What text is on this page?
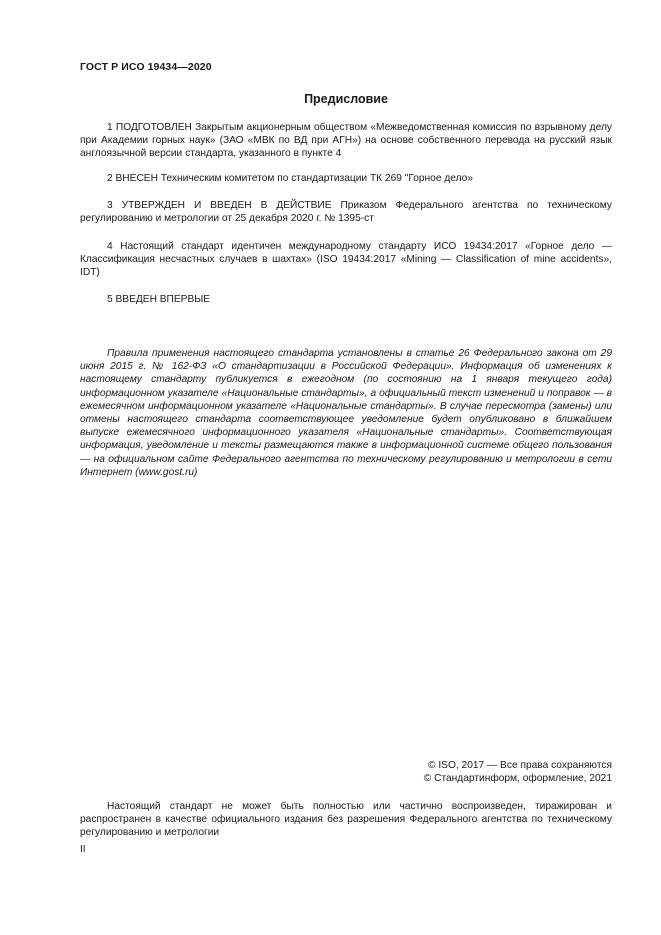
ГОСТ Р ИСО 19434—2020
Предисловие

1 ПОДГОТОВЛЕН Закрытым акционерным обществом «Межведомственная комиссия по взрывному делу при Академии горных наук» (ЗАО «МВК по ВД при АГН») на основе собственного перевода на русский язык англоязычной версии стандарта, указанного в пункте 4

2 ВНЕСЕН Техническим комитетом по стандартизации ТК 269 "Горное дело»

3 УТВЕРЖДЕН И ВВЕДЕН В ДЕЙСТВИЕ Приказом Федерального агентства по техническому регулированию и метрологии от 25 декабря 2020 г. № 1395-ст

4 Настоящий стандарт идентичен международному стандарту ИСО 19434:2017 «Горное дело — Классификация несчастных случаев в шахтах» (ISO 19434:2017 «Mining — Classification of mine accidents», IDT)

5 ВВЕДЕН ВПЕРВЫЕ

Правила применения настоящего стандарта установлены в статье 26 Федерального закона от 29 июня 2015 г. № 162-ФЗ «О стандартизации в Российской Федерации». Информация об изменениях к настоящему стандарту публикуется в ежегодном (по состоянию на 1 января текущего года) информационном указателе «Национальные стандарты», а официальный текст изменений и поправок — в ежемесячном информационном указателе «Национальные стандарты». В случае пересмотра (замены) или отмены настоящего стандарта соответствующее уведомление будет опубликовано в ближайшем выпуске ежемесячного информационного указателя «Национальные стандарты». Соответствующая информация, уведомление и тексты размещаются также в информационной системе общего пользования — на официальном сайте Федерального агентства по техническому регулированию и метрологии в сети Интернет (www.gost.ru)

© ISO, 2017 — Все права сохраняются
© Стандартинформ, оформление, 2021

Настоящий стандарт не может быть полностью или частично воспроизведен, тиражирован и распространен в качестве официального издания без разрешения Федерального агентства по техническому регулированию и метрологии

II
